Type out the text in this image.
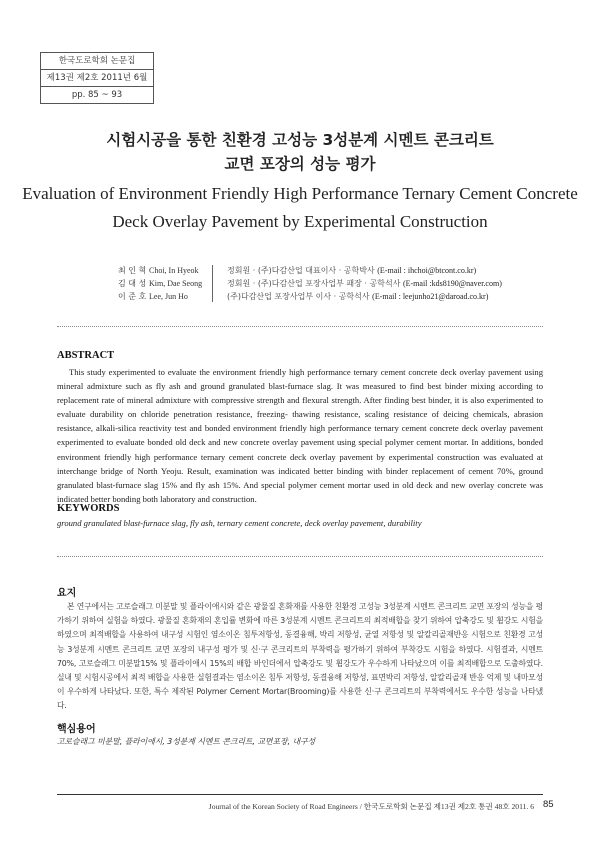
한국도로학회 논문집
제13권 제2호 2011년 6월
pp. 85 ~ 93
시험시공을 통한 친환경 고성능 3성분계 시멘트 콘크리트
교면 포장의 성능 평가
Evaluation of Environment Friendly High Performance Ternary Cement Concrete
Deck Overlay Pavement by Experimental Construction
최 인 혁 Choi, In Hyeok	정회원 · (주)다감산업 대표이사 · 공학박사 (E-mail : ihchoi@btcont.co.kr)
김 대 성 Kim, Dae Seong	정회원 · (주)다감산업 포장사업부 패장 · 공학석사 (E-mail :kds8190@naver.com)
이 준 호 Lee, Jun Ho	(주)다감산업 포장사업부 이사 · 공학석사 (E-mail : leejunho21@daroad.co.kr)
ABSTRACT
This study experimented to evaluate the environment friendly high performance ternary cement concrete deck overlay pavement using mineral admixture such as fly ash and ground granulated blast-furnace slag. It was measured to find best binder mixing according to replacement rate of mineral admixture with compressive strength and flexural strength. After finding best binder, it is also experimented to evaluate durability on chloride penetration resistance, freezing- thawing resistance, scaling resistance of deicing chemicals, abrasion resistance, alkali-silica reactivity test and bonded environment friendly high performance ternary cement concrete deck overlay pavement experimented to evaluate bonded old deck and new concrete overlay pavement using special polymer cement mortar. In additions, bonded environment friendly high performance ternary cement concrete deck overlay pavement by experimental construction was evaluated at interchange bridge of North Yeoju. Result, examination was indicated better binding with binder replacement of cement 70%, ground granulated blast-furnace slag 15% and fly ash 15%. And special polymer cement mortar used in old deck and new overlay concrete was indicated better bonding both laboratory and construction.
KEYWORDS
ground granulated blast-furnace slag, fly ash, ternary cement concrete, deck overlay pavement, durability
요지
본 연구에서는 고로슬래그 미분말 및 플라이애시와 같은 광물질 혼화재를 사용한 친환경 고성능 3성분계 시멘트 콘크리트 교면 포장의 성능을 평가하기 위하여 실험을 하였다. 광물질 혼화재의 혼입률 변화에 따른 3성분계 시멘트 콘크리트의 최적배합을 찾기 위하여 압축강도 및 휨강도 시험을 하였으며 최적배합을 사용하여 내구성 시험인 염소이온 침투저항성, 동결융해, 박리 저항성, 균열 저항성 및 알칼리골재반응 시험으로 친환경 고성능 3성분계 시멘트 콘크리트 교면 포장의 내구성 평가 및 신·구 콘크리트의 부착력을 평가하기 위하여 부착강도 시험을 하였다. 시험결과, 시멘트 70%, 고로슬래그 미분말15% 및 플라이애시 15%의 배합 바인더에서 압축강도 및 휨강도가 우수하게 나타났으며 이를 최적배합으로 도출하였다. 실내 및 시험시공에서 최적 배합을 사용한 실험결과는 염소이온 침투 저항성, 동결융해 저항성, 표면박리 저항성, 알칼리골재 반응 억제 및 내마모성이 우수하게 나타났다. 또한, 특수 제작된 Polymer Cement Mortar(Brooming)를 사용한 신·구 콘크리트의 부착력에서도 우수한 성능을 나타냈다.
핵심용어
고로슬래그 미분말, 플라이애시, 3성분계 시멘트 콘크리트, 교면포장, 내구성
Journal of the Korean Society of Road Engineers / 한국도로학회 논문집 제13권 제2호 통권 48호 2011. 6 85
